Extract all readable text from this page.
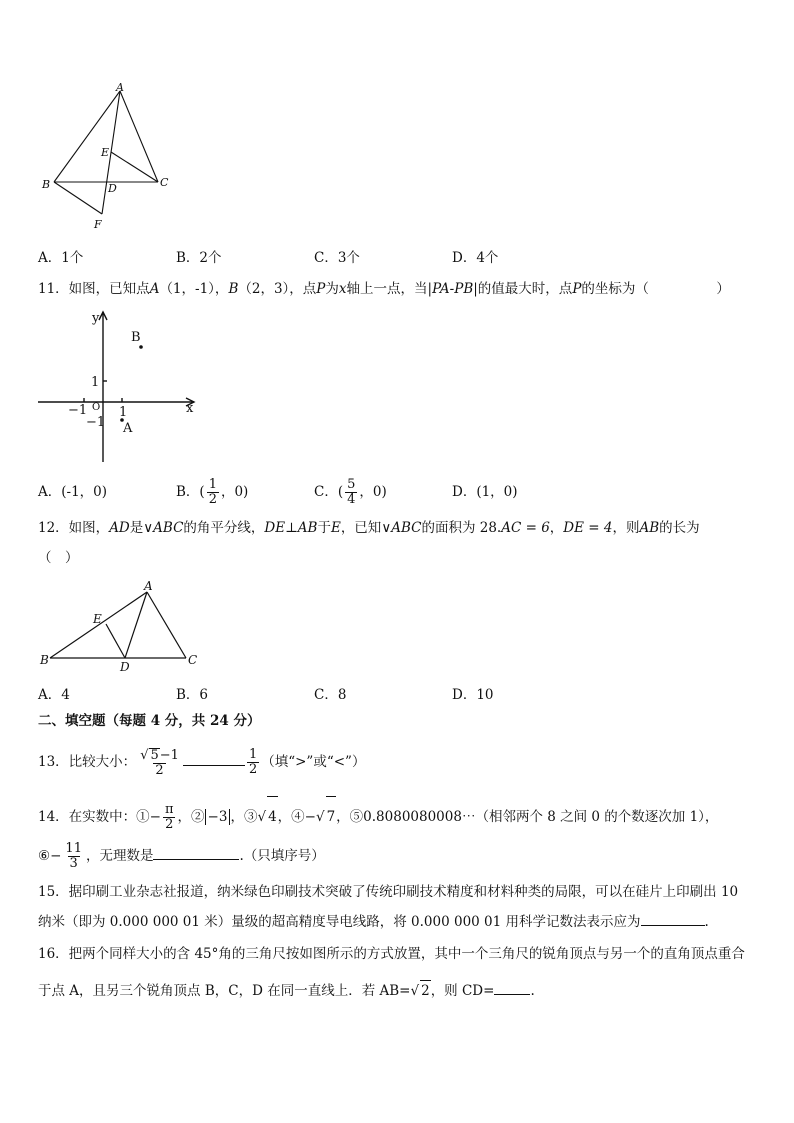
A
B	C
D
E
F
A．1个	B．2个	C．3个	D．4个
11．如图，已知点A（1，-1），B（2，3），点P为x轴上一点，当|PA-PB|的值最大时，点P的坐标为（　　　　　）
y
x
B
A
1
−1 O
−1
1
A．(-1，0)	B．( $\frac{1}{2}$ ，0)	C．( $\frac{5}{4}$ ，0)	D．(1，0)
12．如图，AD是∨ABC的角平分线，DE⊥AB于E，已知∨ABC的面积为 28.AC = 6，DE = 4，则AB的长为
（　）
A
B	C
D
E
A．4	B．6	C．8	D．10
二、填空题（每题 4 分，共 24 分）
13．比较大小： $\frac{√ 5-1}{2}$	$\frac{1}{2}$ （填“>”或“<”）
14．在实数中：①− $\frac{\pi}{2}$ ，② −3 ，③√ 4，④−√ 7，⑤0.8080080008⋯（相邻两个 8 之间 0 的个数逐次加 1），
⑥− $\frac{11}{3}$ ，无理数是	.（只填序号）
15．据印刷工业杂志社报道，纳米绿色印刷技术突破了传统印刷技术精度和材料种类的局限，可以在硅片上印刷出 10
纳米（即为 0.000 000 01 米）量级的超高精度导电线路，将 0.000 000 01 用科学记数法表示应为	.
16．把两个同样大小的含 45°角的三角尺按如图所示的方式放置，其中一个三角尺的锐角顶点与另一个的直角顶点重合
于点 A，且另三个锐角顶点 B，C，D 在同一直线上．若 AB=√ 2，则 CD=	.
